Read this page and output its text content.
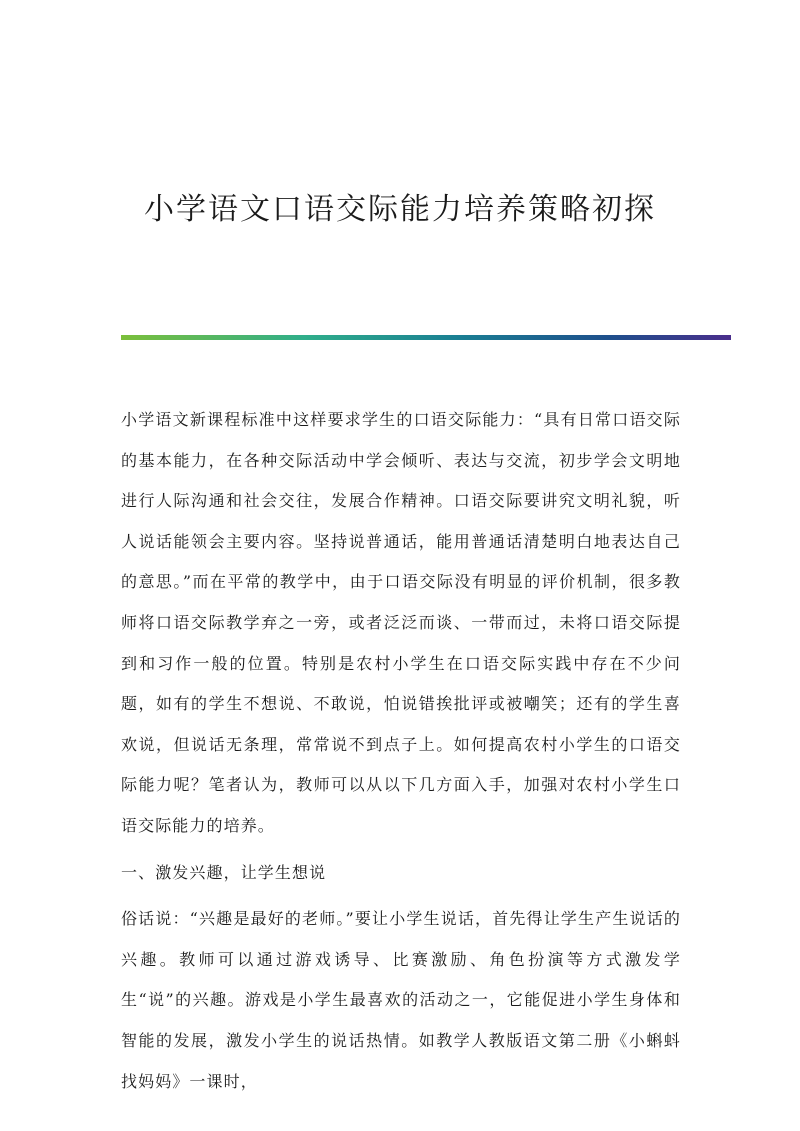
小学语文口语交际能力培养策略初探

小学语文新课程标准中这样要求学生的口语交际能力：“具有日常口语交际的基本能力，在各种交际活动中学会倾听、表达与交流，初步学会文明地进行人际沟通和社会交往，发展合作精神。口语交际要讲究文明礼貌，听人说话能领会主要内容。坚持说普通话，能用普通话清楚明白地表达自己的意思。”而在平常的教学中，由于口语交际没有明显的评价机制，很多教师将口语交际教学弃之一旁，或者泛泛而谈、一带而过，未将口语交际提到和习作一般的位置。特别是农村小学生在口语交际实践中存在不少问题，如有的学生不想说、不敢说，怕说错挨批评或被嘲笑；还有的学生喜欢说，但说话无条理，常常说不到点子上。如何提高农村小学生的口语交际能力呢？笔者认为，教师可以从以下几方面入手，加强对农村小学生口语交际能力的培养。

一、激发兴趣，让学生想说

俗话说：“兴趣是最好的老师。”要让小学生说话，首先得让学生产生说话的兴趣。教师可以通过游戏诱导、比赛激励、角色扮演等方式激发学生“说”的兴趣。游戏是小学生最喜欢的活动之一，它能促进小学生身体和智能的发展，激发小学生的说话热情。如教学人教版语文第二册《小蝌蚪找妈妈》一课时，
